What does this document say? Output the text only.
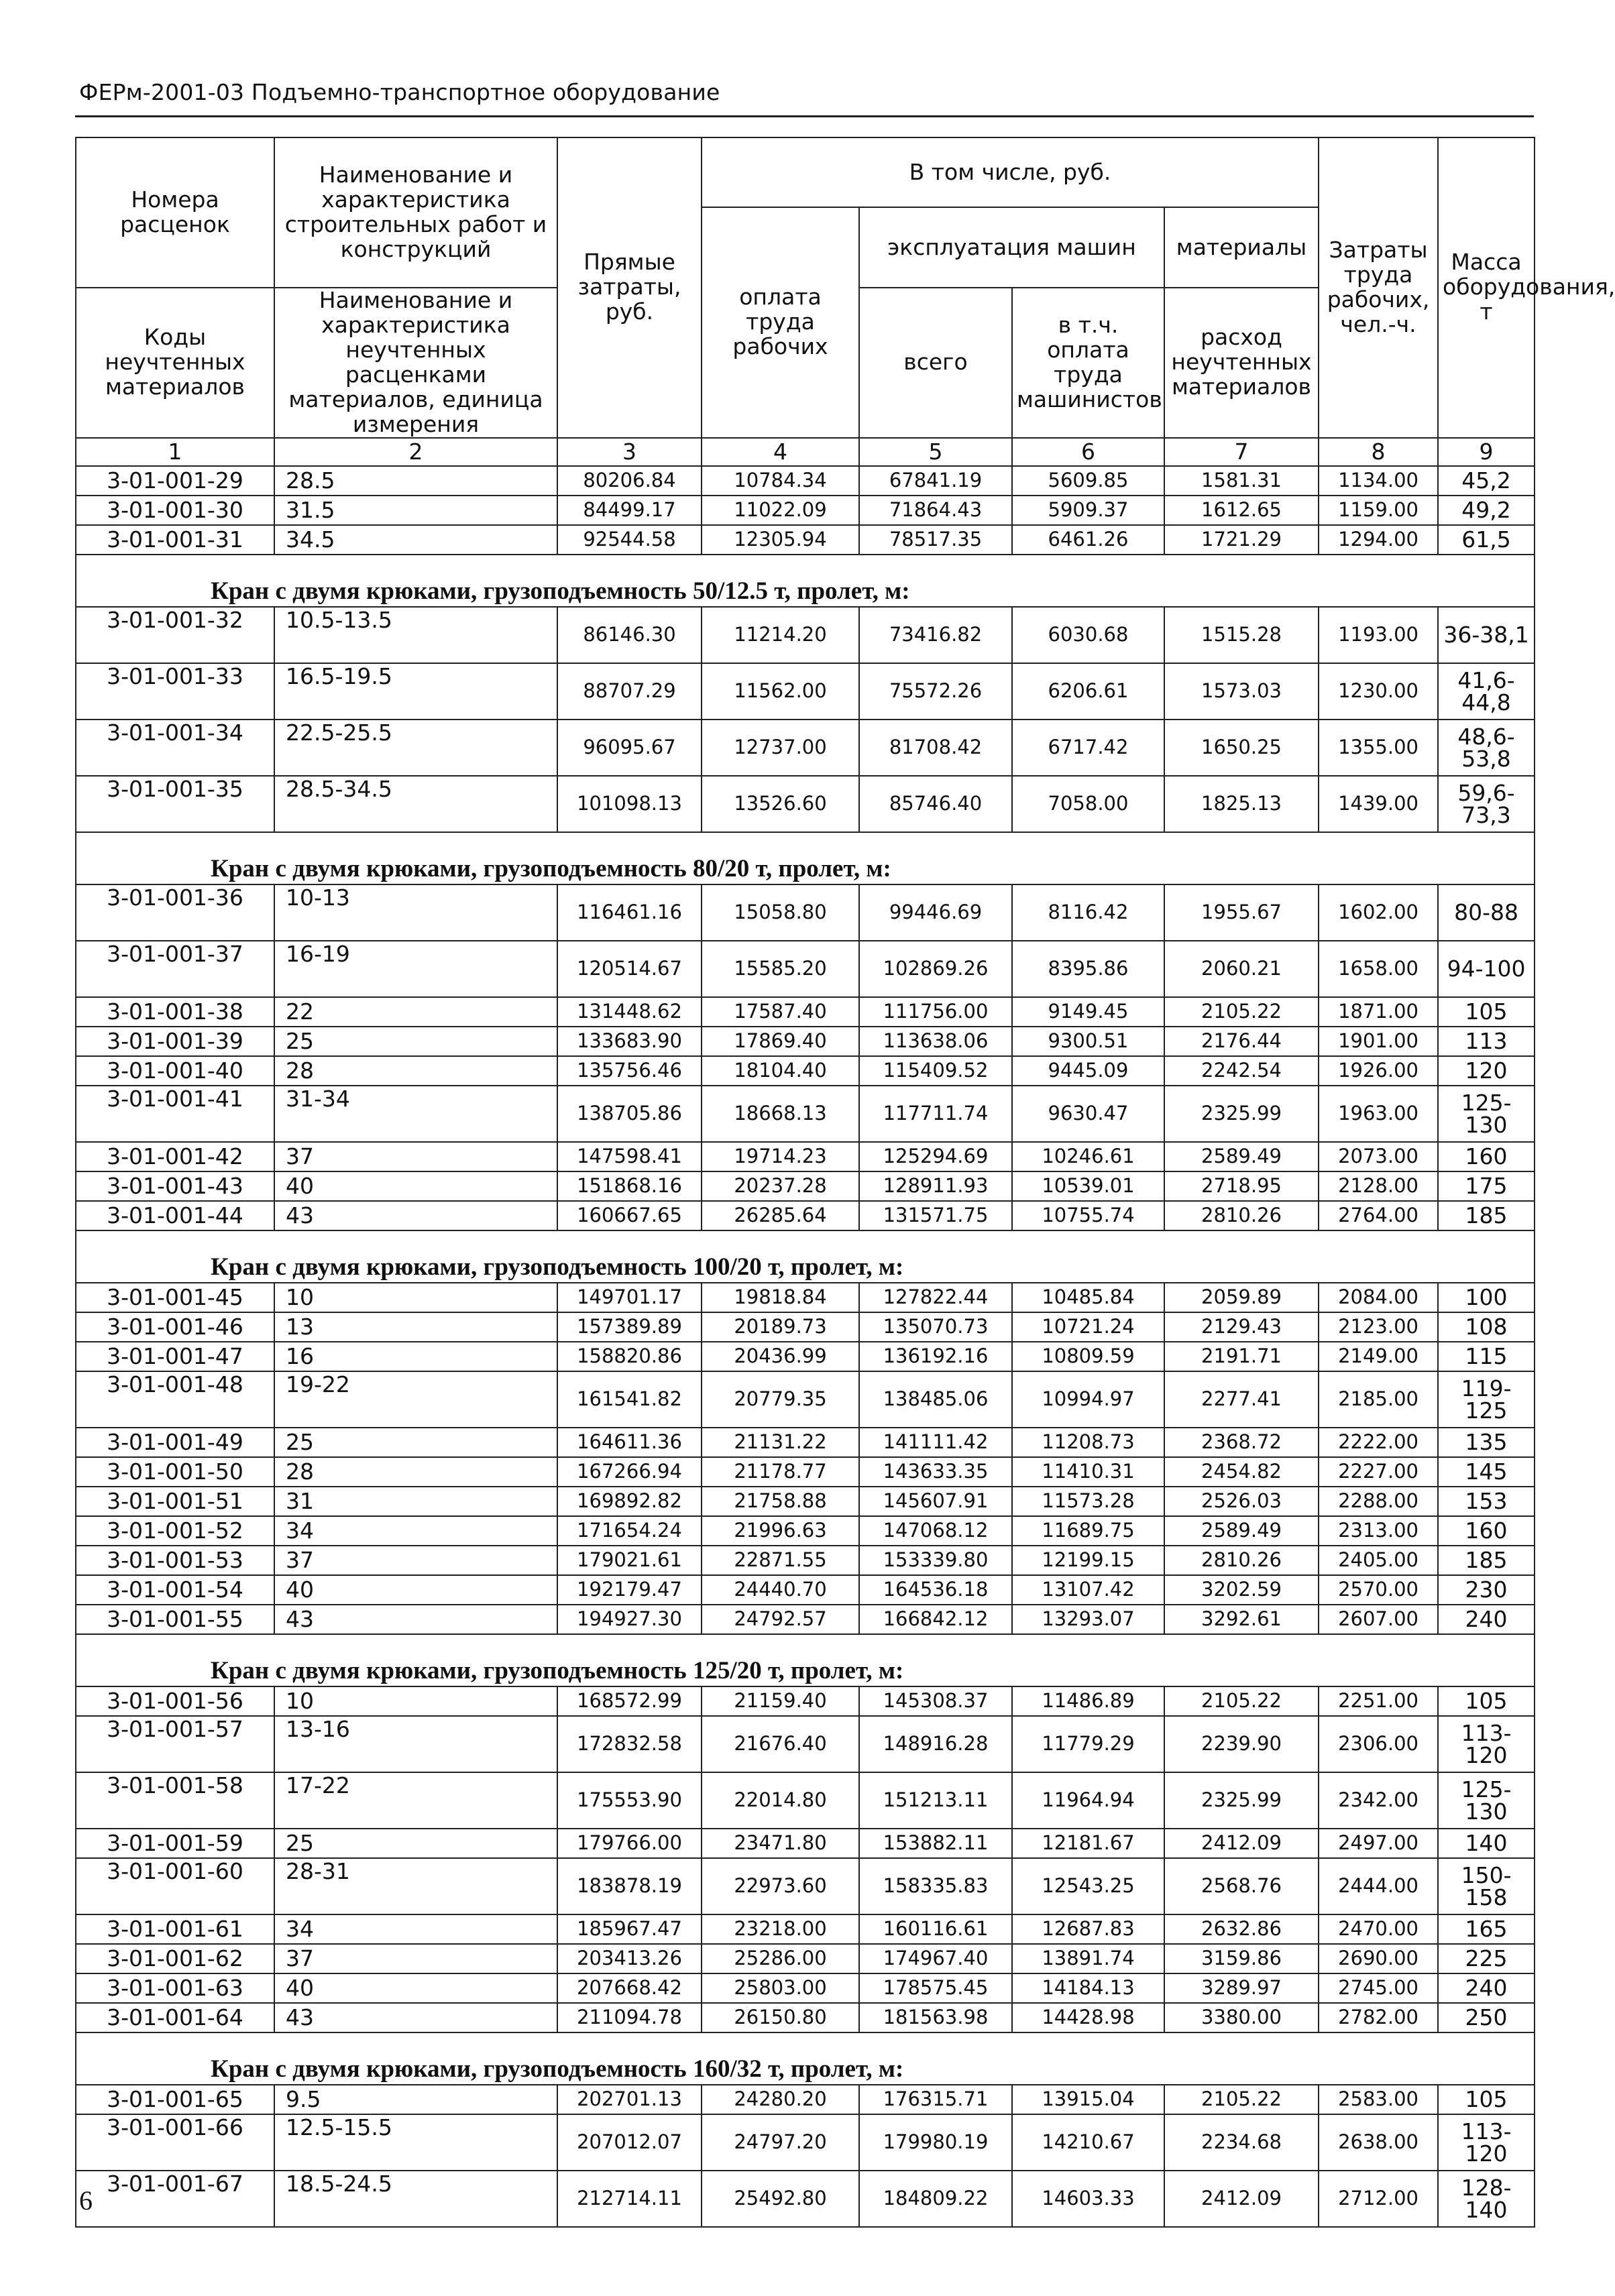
ФЕРм-2001-03 Подъемно-транспортное оборудование
Номера расценок	Наименование и характеристика строительных работ и конструкций	Прямые затраты, руб.	В том числе, руб.				Затраты труда рабочих, чел.-ч.	Масса оборудования, т
			оплата труда рабочих	эксплуатация машин		материалы		
Коды неучтенных материалов	Наименование и характеристика неучтенных расценками материалов, единица измерения			всего	в т.ч. оплата труда машинистов	расход неучтенных материалов		
1	2	3	4	5	6	7	8	9
3-01-001-29	28.5	80206.84	10784.34	67841.19	5609.85	1581.31	1134.00	45,2
3-01-001-30	31.5	84499.17	11022.09	71864.43	5909.37	1612.65	1159.00	49,2
3-01-001-31	34.5	92544.58	12305.94	78517.35	6461.26	1721.29	1294.00	61,5
Кран с двумя крюками, грузоподъемность 50/12.5 т, пролет, м:								
3-01-001-32	10.5-13.5	86146.30	11214.20	73416.82	6030.68	1515.28	1193.00	36-38,1
3-01-001-33	16.5-19.5	88707.29	11562.00	75572.26	6206.61	1573.03	1230.00	41,6-44,8
3-01-001-34	22.5-25.5	96095.67	12737.00	81708.42	6717.42	1650.25	1355.00	48,6-53,8
3-01-001-35	28.5-34.5	101098.13	13526.60	85746.40	7058.00	1825.13	1439.00	59,6-73,3
Кран с двумя крюками, грузоподъемность 80/20 т, пролет, м:								
3-01-001-36	10-13	116461.16	15058.80	99446.69	8116.42	1955.67	1602.00	80-88
3-01-001-37	16-19	120514.67	15585.20	102869.26	8395.86	2060.21	1658.00	94-100
3-01-001-38	22	131448.62	17587.40	111756.00	9149.45	2105.22	1871.00	105
3-01-001-39	25	133683.90	17869.40	113638.06	9300.51	2176.44	1901.00	113
3-01-001-40	28	135756.46	18104.40	115409.52	9445.09	2242.54	1926.00	120
3-01-001-41	31-34	138705.86	18668.13	117711.74	9630.47	2325.99	1963.00	125-130
3-01-001-42	37	147598.41	19714.23	125294.69	10246.61	2589.49	2073.00	160
3-01-001-43	40	151868.16	20237.28	128911.93	10539.01	2718.95	2128.00	175
3-01-001-44	43	160667.65	26285.64	131571.75	10755.74	2810.26	2764.00	185
Кран с двумя крюками, грузоподъемность 100/20 т, пролет, м:								
3-01-001-45	10	149701.17	19818.84	127822.44	10485.84	2059.89	2084.00	100
3-01-001-46	13	157389.89	20189.73	135070.73	10721.24	2129.43	2123.00	108
3-01-001-47	16	158820.86	20436.99	136192.16	10809.59	2191.71	2149.00	115
3-01-001-48	19-22	161541.82	20779.35	138485.06	10994.97	2277.41	2185.00	119-125
3-01-001-49	25	164611.36	21131.22	141111.42	11208.73	2368.72	2222.00	135
3-01-001-50	28	167266.94	21178.77	143633.35	11410.31	2454.82	2227.00	145
3-01-001-51	31	169892.82	21758.88	145607.91	11573.28	2526.03	2288.00	153
3-01-001-52	34	171654.24	21996.63	147068.12	11689.75	2589.49	2313.00	160
3-01-001-53	37	179021.61	22871.55	153339.80	12199.15	2810.26	2405.00	185
3-01-001-54	40	192179.47	24440.70	164536.18	13107.42	3202.59	2570.00	230
3-01-001-55	43	194927.30	24792.57	166842.12	13293.07	3292.61	2607.00	240
Кран с двумя крюками, грузоподъемность 125/20 т, пролет, м:								
3-01-001-56	10	168572.99	21159.40	145308.37	11486.89	2105.22	2251.00	105
3-01-001-57	13-16	172832.58	21676.40	148916.28	11779.29	2239.90	2306.00	113-120
3-01-001-58	17-22	175553.90	22014.80	151213.11	11964.94	2325.99	2342.00	125-130
3-01-001-59	25	179766.00	23471.80	153882.11	12181.67	2412.09	2497.00	140
3-01-001-60	28-31	183878.19	22973.60	158335.83	12543.25	2568.76	2444.00	150-158
3-01-001-61	34	185967.47	23218.00	160116.61	12687.83	2632.86	2470.00	165
3-01-001-62	37	203413.26	25286.00	174967.40	13891.74	3159.86	2690.00	225
3-01-001-63	40	207668.42	25803.00	178575.45	14184.13	3289.97	2745.00	240
3-01-001-64	43	211094.78	26150.80	181563.98	14428.98	3380.00	2782.00	250
Кран с двумя крюками, грузоподъемность 160/32 т, пролет, м:								
3-01-001-65	9.5	202701.13	24280.20	176315.71	13915.04	2105.22	2583.00	105
3-01-001-66	12.5-15.5	207012.07	24797.20	179980.19	14210.67	2234.68	2638.00	113-120
3-01-001-67	18.5-24.5	212714.11	25492.80	184809.22	14603.33	2412.09	2712.00	128-140
6
